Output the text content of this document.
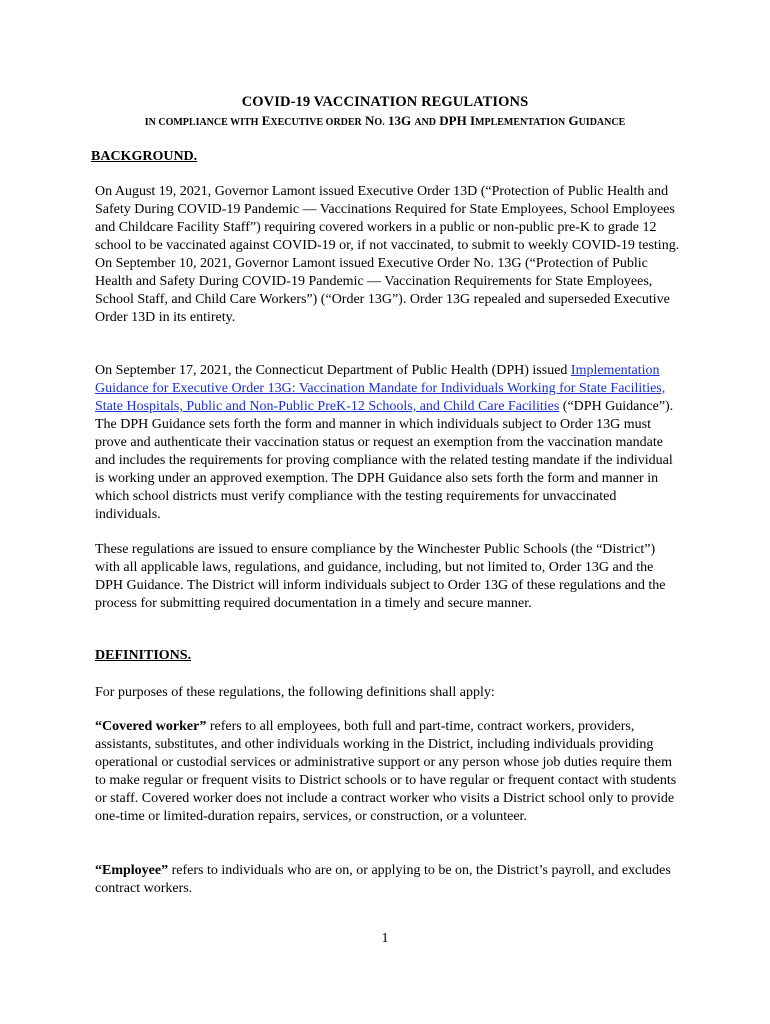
COVID-19 VACCINATION REGULATIONS
IN COMPLIANCE WITH EXECUTIVE ORDER NO. 13G AND DPH IMPLEMENTATION GUIDANCE
BACKGROUND.

On August 19, 2021, Governor Lamont issued Executive Order 13D (“Protection of Public Health and Safety During COVID-19 Pandemic — Vaccinations Required for State Employees, School Employees and Childcare Facility Staff”) requiring covered workers in a public or non-public pre-K to grade 12 school to be vaccinated against COVID-19 or, if not vaccinated, to submit to weekly COVID-19 testing. On September 10, 2021, Governor Lamont issued Executive Order No. 13G (“Protection of Public Health and Safety During COVID-19 Pandemic — Vaccination Requirements for State Employees, School Staff, and Child Care Workers”) (“Order 13G”). Order 13G repealed and superseded Executive Order 13D in its entirety.

On September 17, 2021, the Connecticut Department of Public Health (DPH) issued Implementation Guidance for Executive Order 13G: Vaccination Mandate for Individuals Working for State Facilities, State Hospitals, Public and Non-Public PreK-12 Schools, and Child Care Facilities (“DPH Guidance”). The DPH Guidance sets forth the form and manner in which individuals subject to Order 13G must prove and authenticate their vaccination status or request an exemption from the vaccination mandate and includes the requirements for proving compliance with the related testing mandate if the individual is working under an approved exemption. The DPH Guidance also sets forth the form and manner in which school districts must verify compliance with the testing requirements for unvaccinated individuals.

These regulations are issued to ensure compliance by the Winchester Public Schools (the “District”) with all applicable laws, regulations, and guidance, including, but not limited to, Order 13G and the DPH Guidance. The District will inform individuals subject to Order 13G of these regulations and the process for submitting required documentation in a timely and secure manner.

DEFINITIONS.

For purposes of these regulations, the following definitions shall apply:

“Covered worker” refers to all employees, both full and part-time, contract workers, providers, assistants, substitutes, and other individuals working in the District, including individuals providing operational or custodial services or administrative support or any person whose job duties require them to make regular or frequent visits to District schools or to have regular or frequent contact with students or staff. Covered worker does not include a contract worker who visits a District school only to provide one-time or limited-duration repairs, services, or construction, or a volunteer.

“Employee” refers to individuals who are on, or applying to be on, the District’s payroll, and excludes contract workers.

1
